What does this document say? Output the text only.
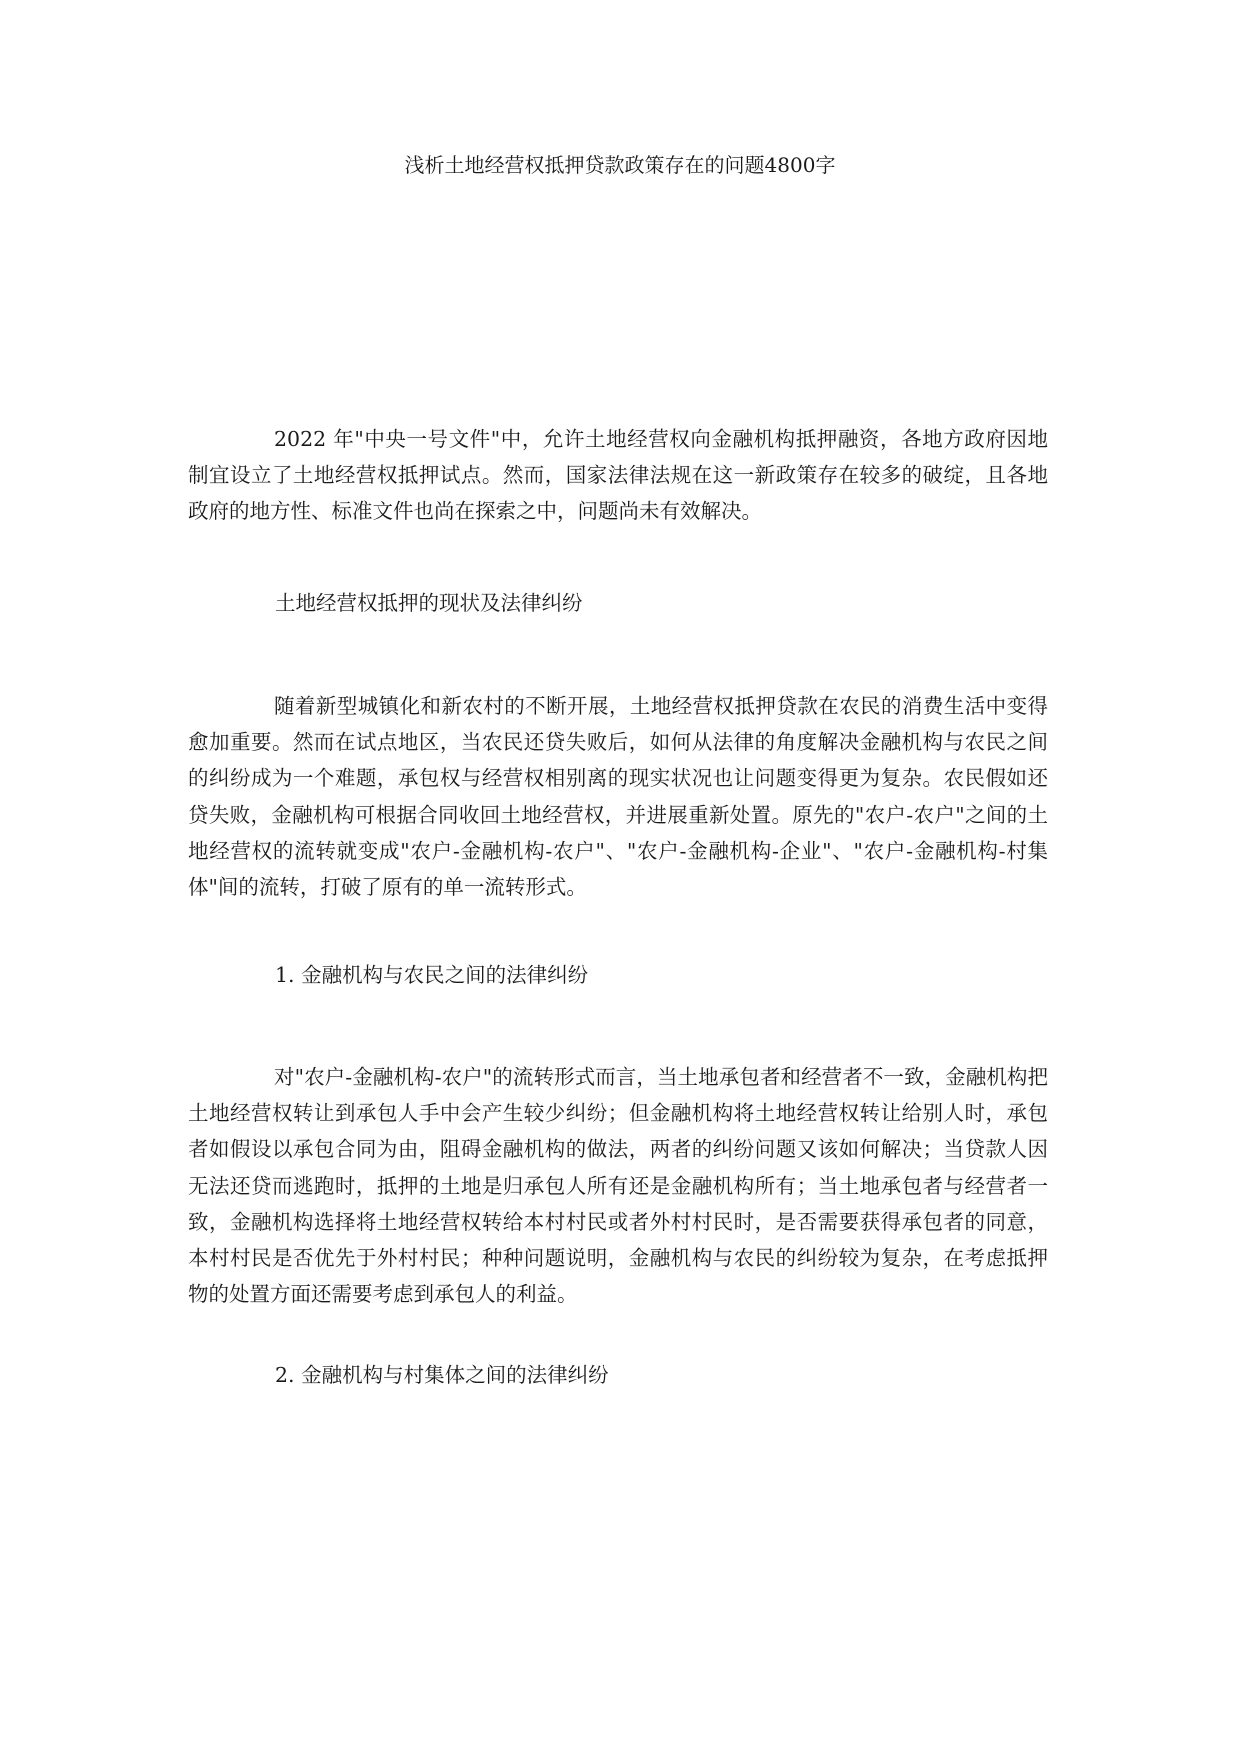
浅析土地经营权抵押贷款政策存在的问题4800字

2022 年"中央一号文件"中，允许土地经营权向金融机构抵押融资，各地方政府因地制宜设立了土地经营权抵押试点。然而，国家法律法规在这一新政策存在较多的破绽，且各地政府的地方性、标准文件也尚在探索之中，问题尚未有效解决。

土地经营权抵押的现状及法律纠纷

随着新型城镇化和新农村的不断开展，土地经营权抵押贷款在农民的消费生活中变得愈加重要。然而在试点地区，当农民还贷失败后，如何从法律的角度解决金融机构与农民之间的纠纷成为一个难题，承包权与经营权相别离的现实状况也让问题变得更为复杂。农民假如还贷失败，金融机构可根据合同收回土地经营权，并进展重新处置。原先的"农户-农户"之间的土地经营权的流转就变成"农户-金融机构-农户"、"农户-金融机构-企业"、"农户-金融机构-村集体"间的流转，打破了原有的单一流转形式。

1. 金融机构与农民之间的法律纠纷

对"农户-金融机构-农户"的流转形式而言，当土地承包者和经营者不一致，金融机构把土地经营权转让到承包人手中会产生较少纠纷；但金融机构将土地经营权转让给别人时，承包者如假设以承包合同为由，阻碍金融机构的做法，两者的纠纷问题又该如何解决；当贷款人因无法还贷而逃跑时，抵押的土地是归承包人所有还是金融机构所有；当土地承包者与经营者一致，金融机构选择将土地经营权转给本村村民或者外村村民时，是否需要获得承包者的同意，本村村民是否优先于外村村民；种种问题说明，金融机构与农民的纠纷较为复杂，在考虑抵押物的处置方面还需要考虑到承包人的利益。

2. 金融机构与村集体之间的法律纠纷
